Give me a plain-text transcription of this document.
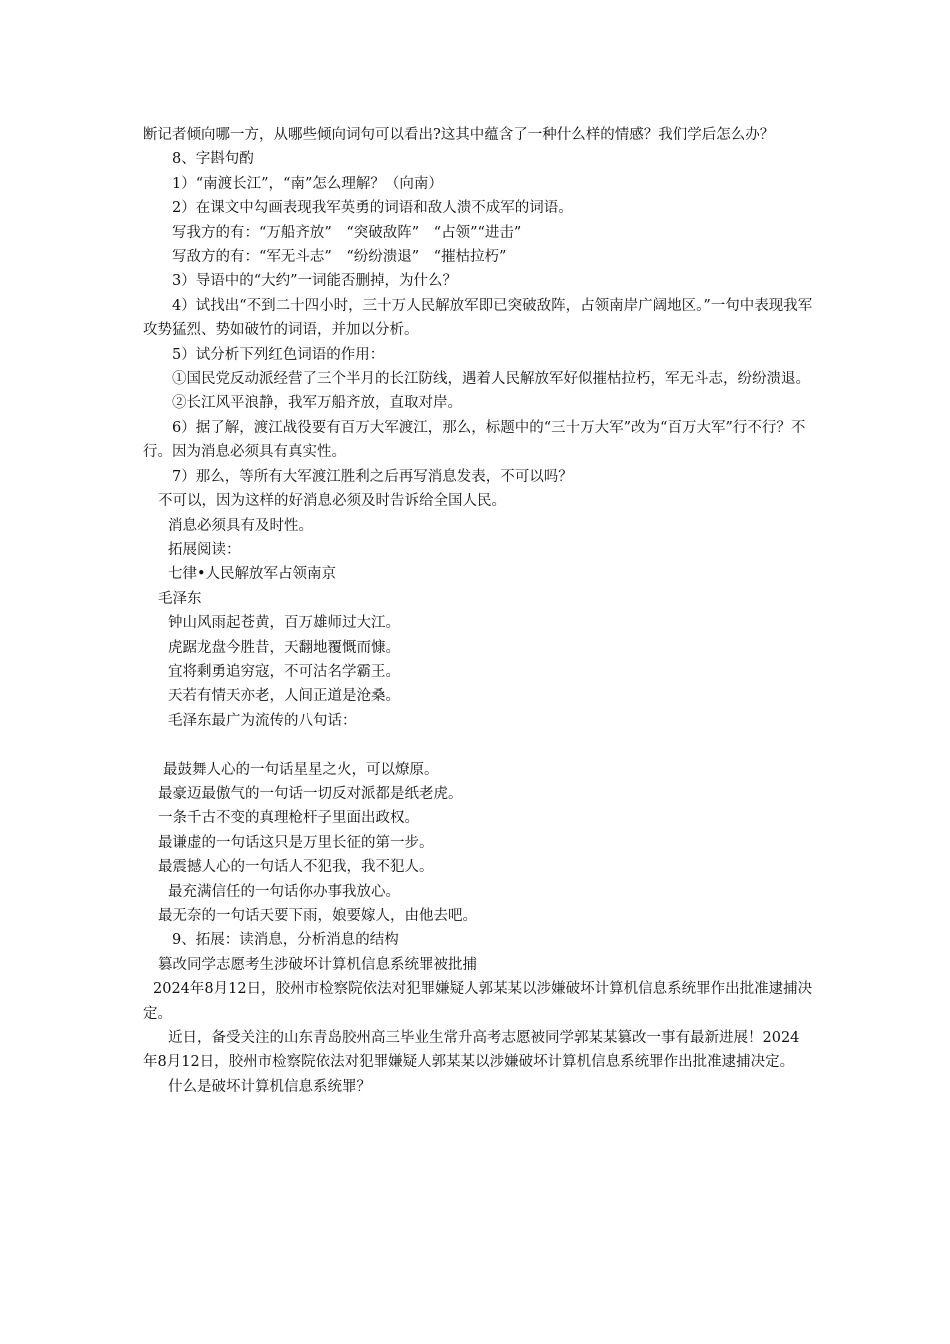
断记者倾向哪一方，从哪些倾向词句可以看出?这其中蕴含了一种什么样的情感？我们学后怎么办？

8、字斟句酌

1）“南渡长江”，“南”怎么理解？（向南）

2）在课文中勾画表现我军英勇的词语和敌人溃不成军的词语。

写我方的有：“万船齐放”　“突破敌阵”　“占领”“进击”

写敌方的有：“军无斗志”　“纷纷溃退”　“摧枯拉朽”

3）导语中的“大约”一词能否删掉，为什么？

4）试找出“不到二十四小时，三十万人民解放军即已突破敌阵，占领南岸广阔地区。”一句中表现我军攻势猛烈、势如破竹的词语，并加以分析。

5）试分析下列红色词语的作用：

①国民党反动派经营了三个半月的长江防线，遇着人民解放军好似摧枯拉朽，军无斗志，纷纷溃退。

②长江风平浪静，我军万船齐放，直取对岸。

6）据了解，渡江战役要有百万大军渡江，那么，标题中的“三十万大军”改为“百万大军”行不行？不行。因为消息必须具有真实性。

7）那么，等所有大军渡江胜利之后再写消息发表，不可以吗？

不可以，因为这样的好消息必须及时告诉给全国人民。

消息必须具有及时性。

拓展阅读：

七律•人民解放军占领南京

毛泽东

钟山风雨起苍黄，百万雄师过大江。

虎踞龙盘今胜昔，天翻地覆慨而慷。

宜将剩勇追穷寇，不可沽名学霸王。

天若有情天亦老，人间正道是沧桑。

毛泽东最广为流传的八句话：

最鼓舞人心的一句话星星之火，可以燎原。

最豪迈最傲气的一句话一切反对派都是纸老虎。

一条千古不变的真理枪杆子里面出政权。

最谦虚的一句话这只是万里长征的第一步。

最震撼人心的一句话人不犯我，我不犯人。

最充满信任的一句话你办事我放心。

最无奈的一句话天要下雨，娘要嫁人，由他去吧。

9、拓展：读消息，分析消息的结构

篡改同学志愿考生涉破坏计算机信息系统罪被批捕

2024年8月12日，胶州市检察院依法对犯罪嫌疑人郭某某以涉嫌破坏计算机信息系统罪作出批准逮捕决定。

近日，备受关注的山东青岛胶州高三毕业生常升高考志愿被同学郭某某篡改一事有最新进展！2024年8月12日，胶州市检察院依法对犯罪嫌疑人郭某某以涉嫌破坏计算机信息系统罪作出批准逮捕决定。

什么是破坏计算机信息系统罪？
